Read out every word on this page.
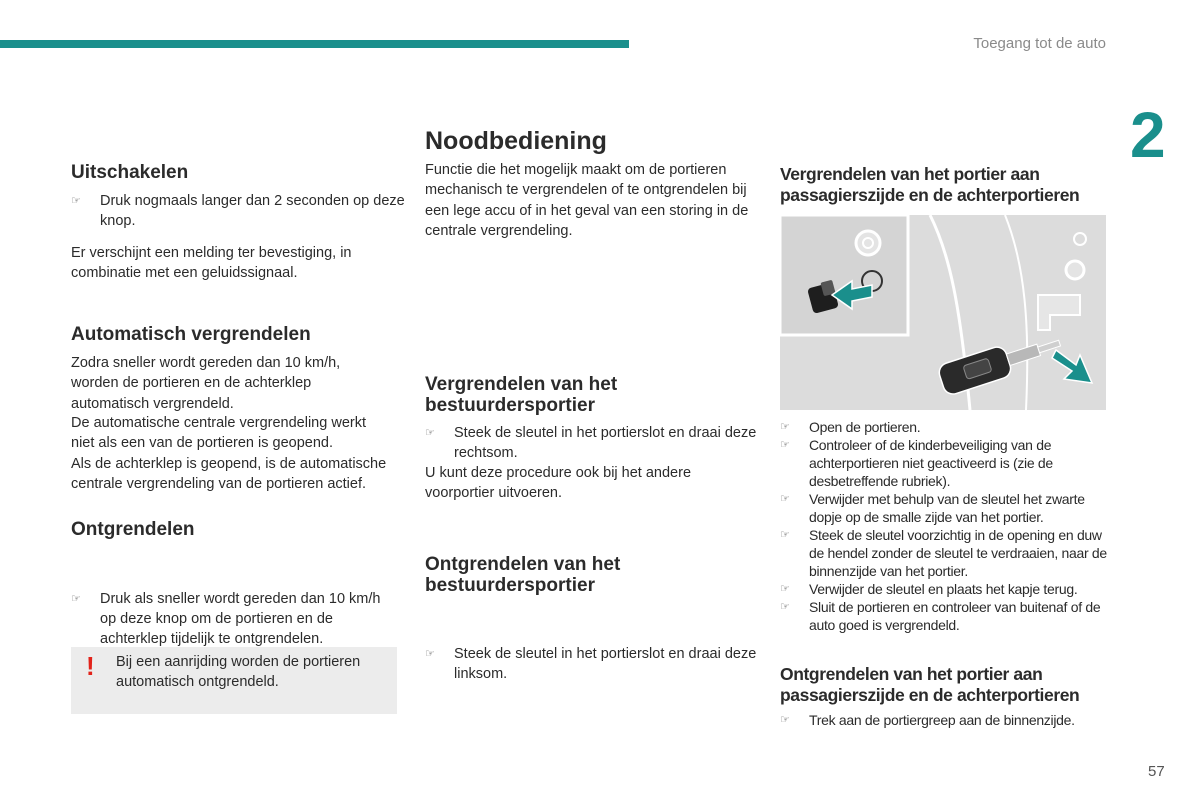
Toegang tot de auto
2
57
Uitschakelen
☞ Druk nogmaals langer dan 2 seconden op deze knop.

Er verschijnt een melding ter bevestiging, in combinatie met een geluidssignaal.

Automatisch vergrendelen

Zodra sneller wordt gereden dan 10 km/h, worden de portieren en de achterklep automatisch vergrendeld.

De automatische centrale vergrendeling werkt niet als een van de portieren is geopend.

Als de achterklep is geopend, is de automatische centrale vergrendeling van de portieren actief.

Ontgrendelen
☞ Druk als sneller wordt gereden dan 10 km/h op deze knop om de portieren en de achterklep tijdelijk te ontgrendelen.
! Bij een aanrijding worden de portieren automatisch ontgrendeld.
Noodbediening

Functie die het mogelijk maakt om de portieren mechanisch te vergrendelen of te ontgrendelen bij een lege accu of in het geval van een storing in de centrale vergrendeling.

Vergrendelen van het bestuurdersportier
☞ Steek de sleutel in het portierslot en draai deze rechtsom.

U kunt deze procedure ook bij het andere voorportier uitvoeren.

Ontgrendelen van het bestuurdersportier
☞ Steek de sleutel in het portierslot en draai deze linksom.
Vergrendelen van het portier aan passagierszijde en de achterportieren
☞ Open de portieren.
☞ Controleer of de kinderbeveiliging van de achterportieren niet geactiveerd is (zie de desbetreffende rubriek).
☞ Verwijder met behulp van de sleutel het zwarte dopje op de smalle zijde van het portier.
☞ Steek de sleutel voorzichtig in de opening en duw de hendel zonder de sleutel te verdraaien, naar de binnenzijde van het portier.
☞ Verwijder de sleutel en plaats het kapje terug.
☞ Sluit de portieren en controleer van buitenaf of de auto goed is vergrendeld.
Ontgrendelen van het portier aan passagierszijde en de achterportieren
☞ Trek aan de portiergreep aan de binnenzijde.
